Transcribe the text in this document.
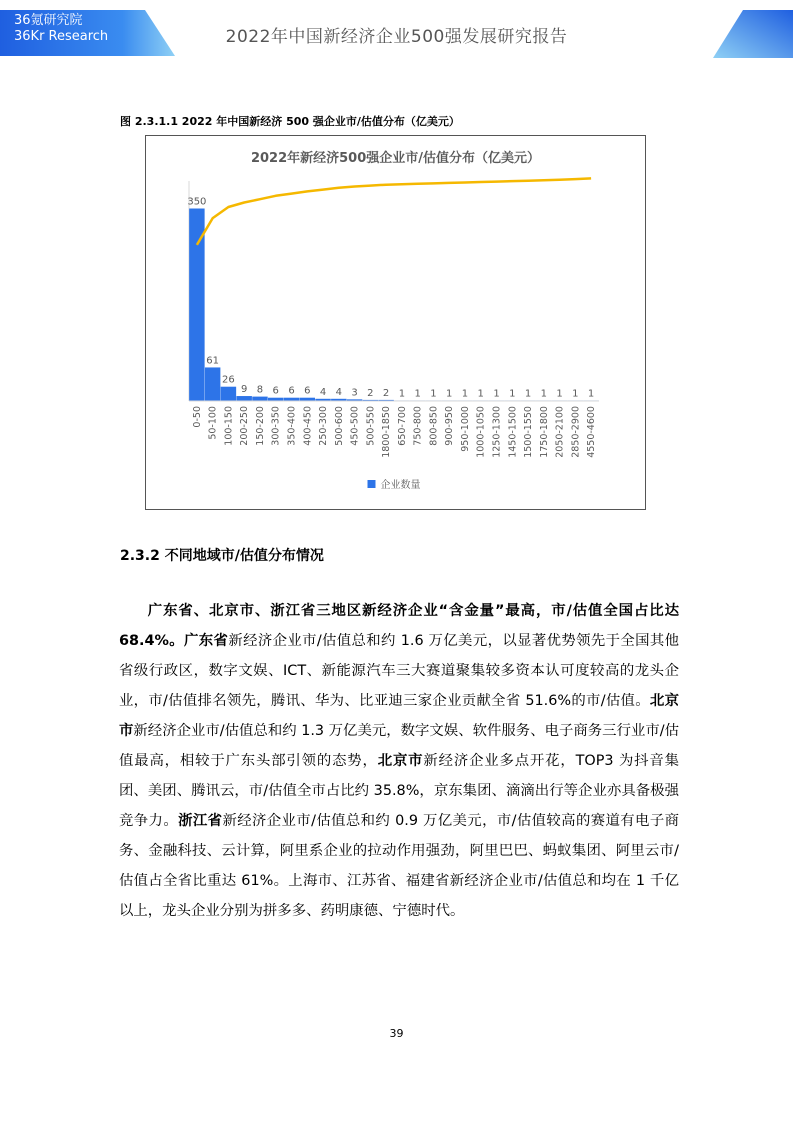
36氪研究院
36Kr Research	2022年中国新经济企业500强发展研究报告
图 2.3.1.1 2022 年中国新经济 500 强企业市/估值分布（亿美元）
2022年新经济500强企业市/估值分布（亿美元）
350
0-50
61
50-100
26
100-150
9
200-250
8
150-200
6
300-350
6
350-400
6
400-450
4
250-300
4
500-600
3
450-500
2
500-550
2
1800-1850
1
650-700
1
750-800
1
800-850
1
900-950
1
950-1000
1
1000-1050
1
1250-1300
1
1450-1500
1
1500-1550
1
1750-1800
1
2050-2100
1
2850-2900
1
4550-4600
企业数量
2.3.2 不同地域市/估值分布情况
广东省、北京市、浙江省三地区新经济企业“含金量”最高，市/估值全国占比达 68.4%。广东省新经济企业市/估值总和约 1.6 万亿美元，以显著优势领先于全国其他省级行政区，数字文娱、ICT、新能源汽车三大赛道聚集较多资本认可度较高的龙头企业，市/估值排名领先，腾讯、华为、比亚迪三家企业贡献全省 51.6%的市/估值。北京市新经济企业市/估值总和约 1.3 万亿美元，数字文娱、软件服务、电子商务三行业市/估值最高，相较于广东头部引领的态势，北京市新经济企业多点开花，TOP3 为抖音集团、美团、腾讯云，市/估值全市占比约 35.8%，京东集团、滴滴出行等企业亦具备极强竞争力。浙江省新经济企业市/估值总和约 0.9 万亿美元，市/估值较高的赛道有电子商务、金融科技、云计算，阿里系企业的拉动作用强劲，阿里巴巴、蚂蚁集团、阿里云市/估值占全省比重达 61%。上海市、江苏省、福建省新经济企业市/估值总和均在 1 千亿以上，龙头企业分别为拼多多、药明康德、宁德时代。
39
